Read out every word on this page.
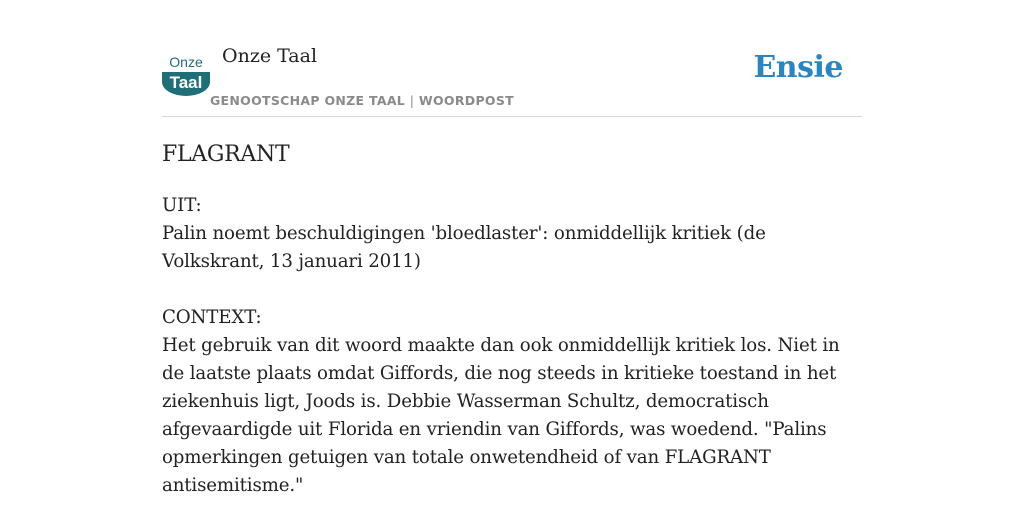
Onze
Taal
Onze Taal
GENOOTSCHAP ONZE TAAL | WOORDPOST
Ensie
FLAGRANT

UIT:

Palin noemt beschuldigingen 'bloedlaster': onmiddellijk kritiek (de Volkskrant, 13 januari 2011)

CONTEXT:

Het gebruik van dit woord maakte dan ook onmiddellijk kritiek los. Niet in de laatste plaats omdat Giffords, die nog steeds in kritieke toestand in het ziekenhuis ligt, Joods is. Debbie Wasserman Schultz, democratisch afgevaardigde uit Florida en vriendin van Giffords, was woedend. "Palins opmerkingen getuigen van totale onwetendheid of van FLAGRANT antisemitisme."
